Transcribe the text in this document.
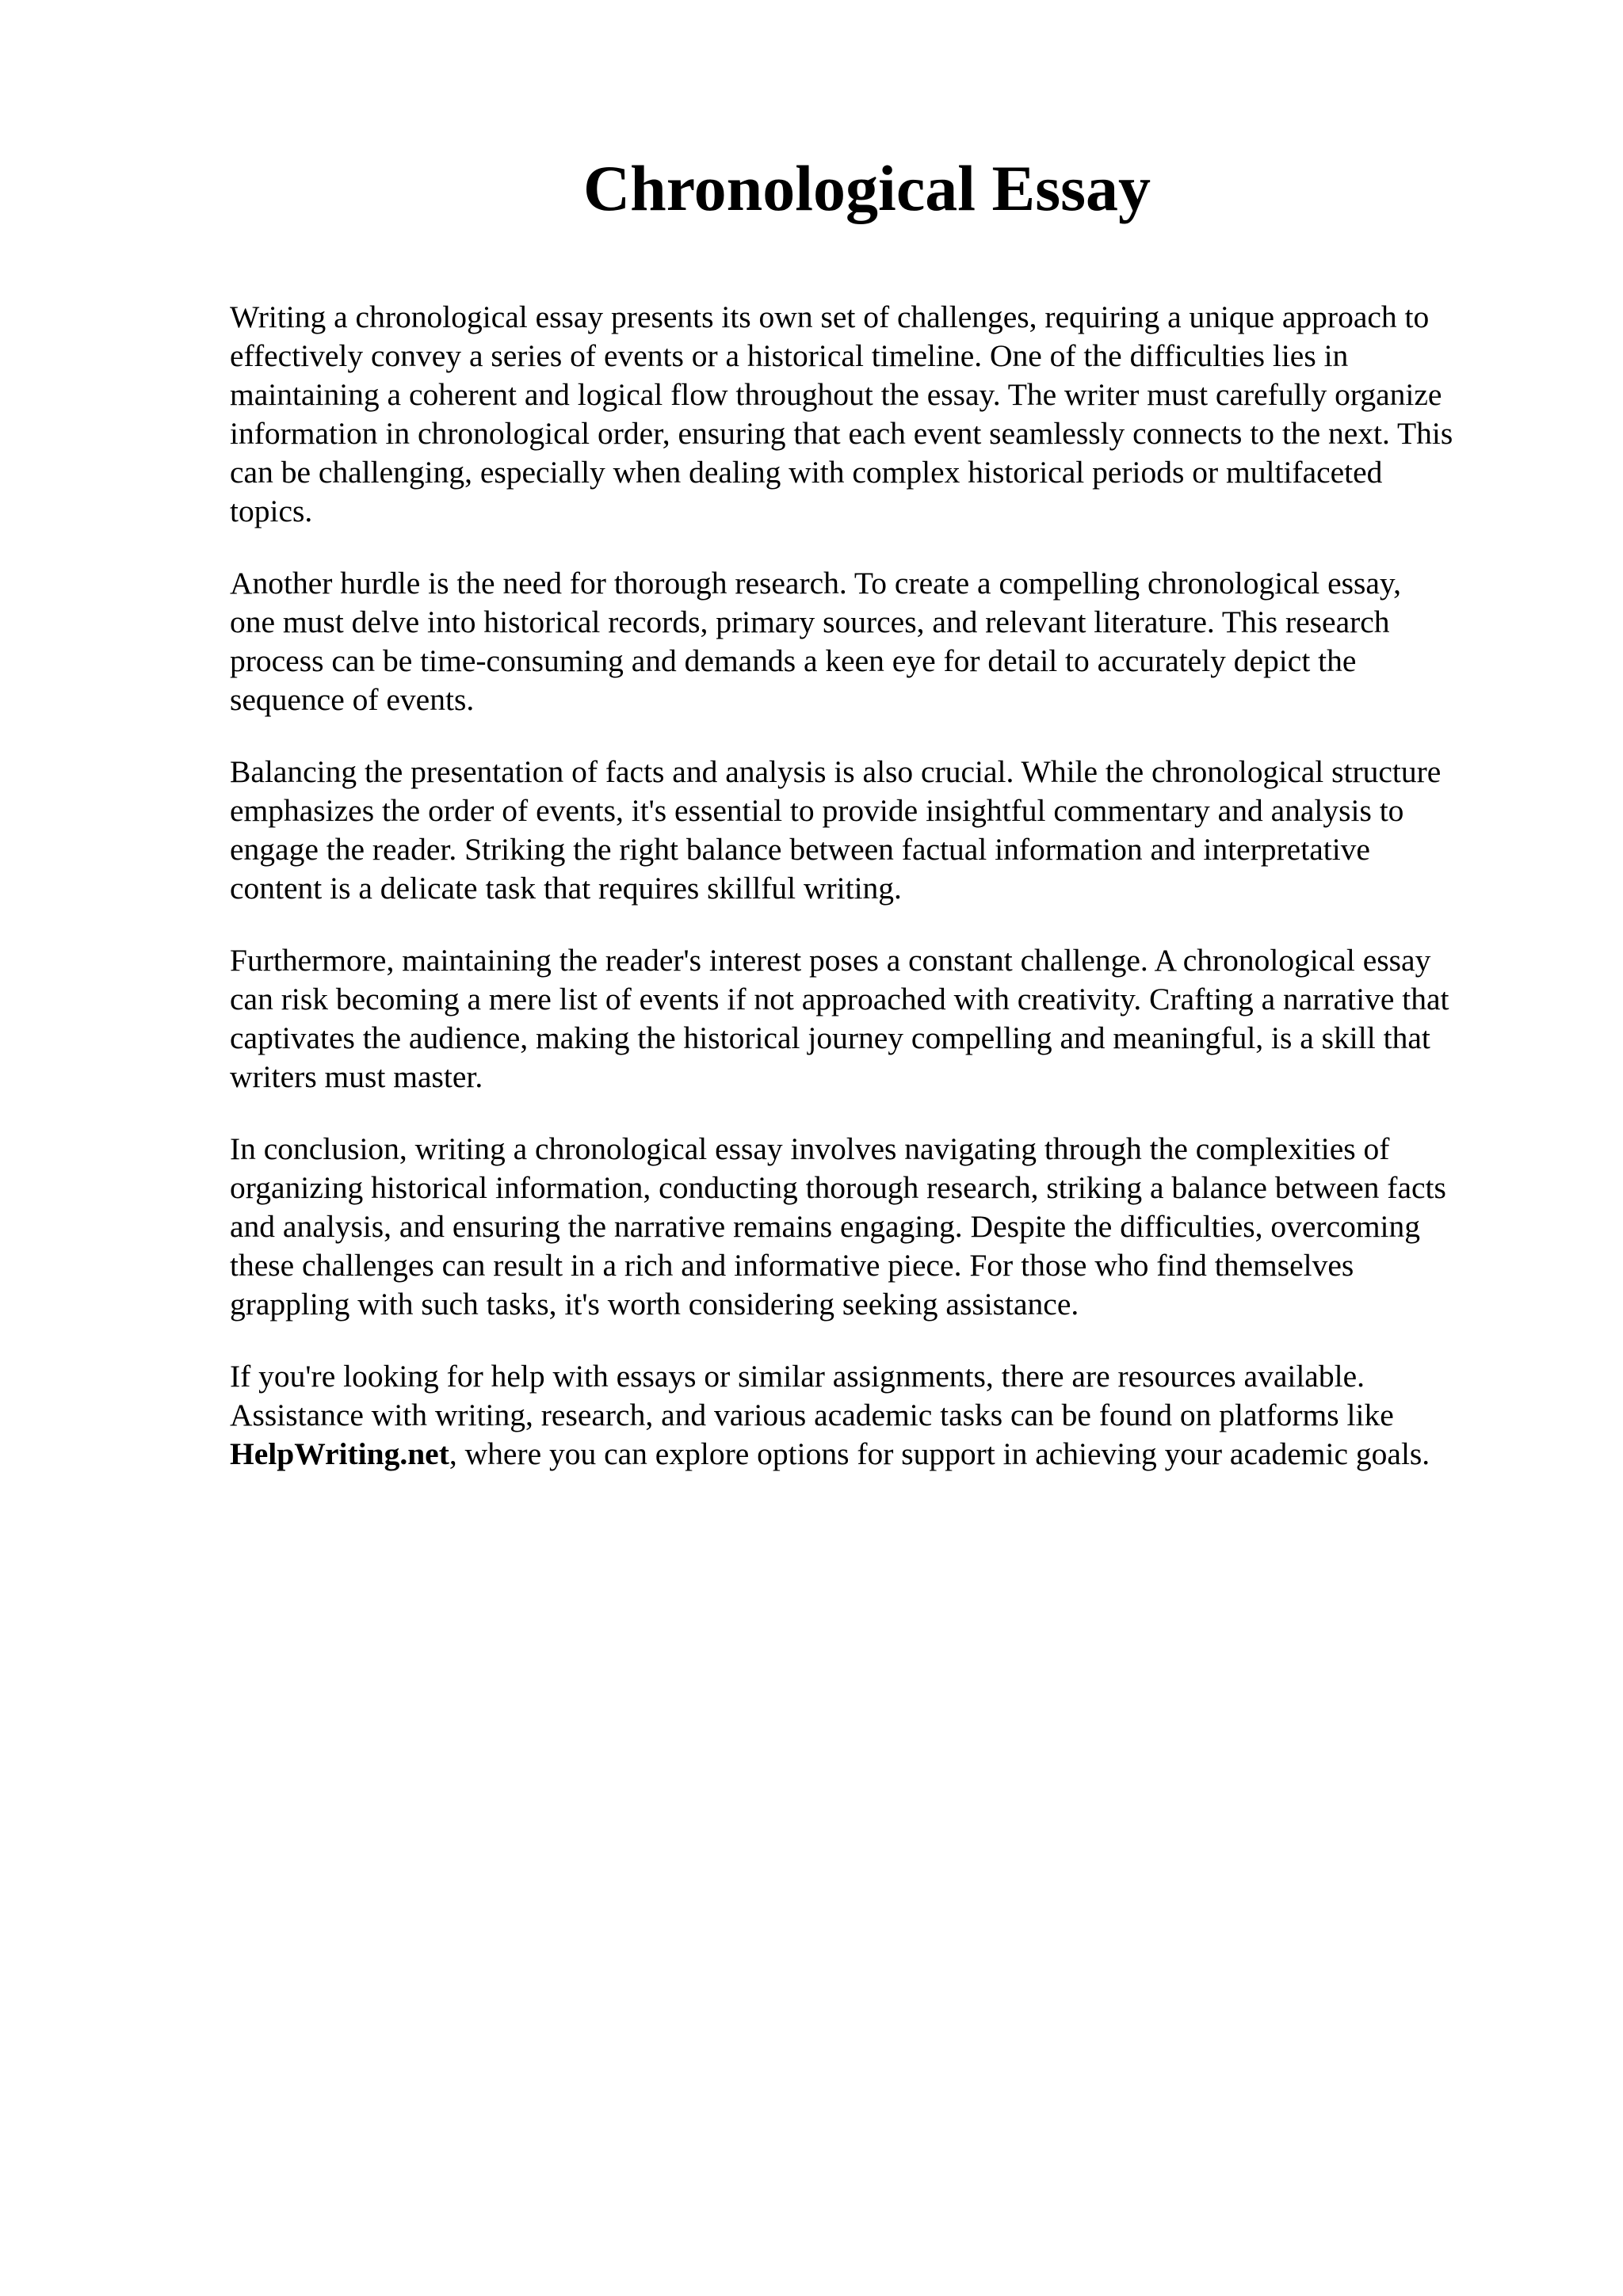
Chronological Essay

Writing a chronological essay presents its own set of challenges, requiring a unique approach to
effectively convey a series of events or a historical timeline. One of the difficulties lies in
maintaining a coherent and logical flow throughout the essay. The writer must carefully organize
information in chronological order, ensuring that each event seamlessly connects to the next. This
can be challenging, especially when dealing with complex historical periods or multifaceted
topics.

Another hurdle is the need for thorough research. To create a compelling chronological essay,
one must delve into historical records, primary sources, and relevant literature. This research
process can be time-consuming and demands a keen eye for detail to accurately depict the
sequence of events.

Balancing the presentation of facts and analysis is also crucial. While the chronological structure
emphasizes the order of events, it's essential to provide insightful commentary and analysis to
engage the reader. Striking the right balance between factual information and interpretative
content is a delicate task that requires skillful writing.

Furthermore, maintaining the reader's interest poses a constant challenge. A chronological essay
can risk becoming a mere list of events if not approached with creativity. Crafting a narrative that
captivates the audience, making the historical journey compelling and meaningful, is a skill that
writers must master.

In conclusion, writing a chronological essay involves navigating through the complexities of
organizing historical information, conducting thorough research, striking a balance between facts
and analysis, and ensuring the narrative remains engaging. Despite the difficulties, overcoming
these challenges can result in a rich and informative piece. For those who find themselves
grappling with such tasks, it's worth considering seeking assistance.

If you're looking for help with essays or similar assignments, there are resources available.
Assistance with writing, research, and various academic tasks can be found on platforms like
HelpWriting.net, where you can explore options for support in achieving your academic goals.
